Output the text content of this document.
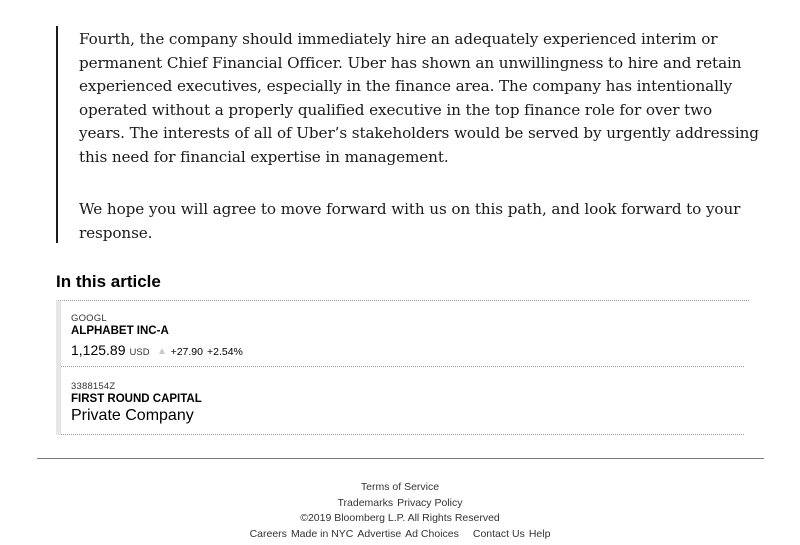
Fourth, the company should immediately hire an adequately experienced interim or permanent Chief Financial Officer. Uber has shown an unwillingness to hire and retain experienced executives, especially in the finance area. The company has intentionally operated without a properly qualified executive in the top finance role for over two years. The interests of all of Uber’s stakeholders would be served by urgently addressing this need for financial expertise in management.

We hope you will agree to move forward with us on this path, and look forward to your response.

In this article
GOOGL
ALPHABET INC-A
1,125.89 USD +27.90 +2.54%
3388154Z
FIRST ROUND CAPITAL
Private Company
Terms of Service
Trademarks Privacy Policy
©2019 Bloomberg L.P. All Rights Reserved
Careers Made in NYC Advertise Ad Choices Contact Us Help
